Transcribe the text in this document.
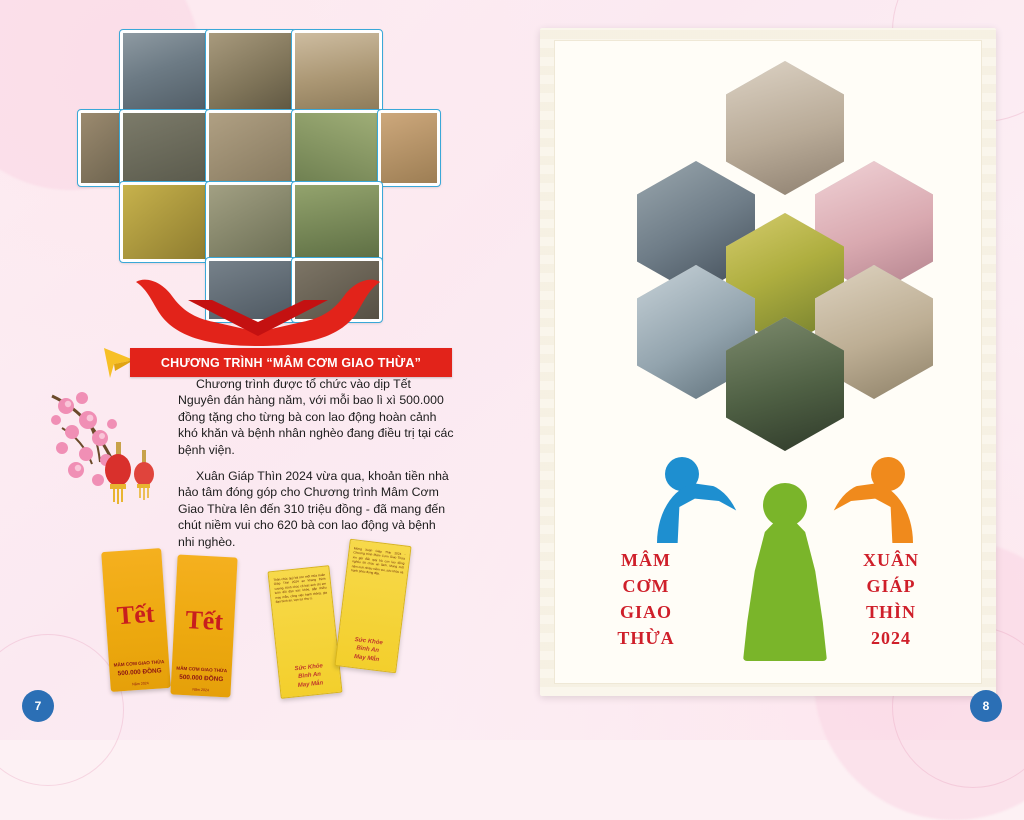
CHƯƠNG TRÌNH “MÂM CƠM GIAO THỪA”

Chương trình được tổ chức vào dịp Tết Nguyên đán hàng năm, với mỗi bao lì xì 500.000 đồng tặng cho từng bà con lao động hoàn cảnh khó khăn và bệnh nhân nghèo đang điều trị tại các bệnh viện.

Xuân Giáp Thìn 2024 vừa qua, khoản tiền nhà hảo tâm đóng góp cho Chương trình Mâm Cơm Giao Thừa lên đến 310 triệu đồng - đã mang đến chút niềm vui cho 620 bà con lao động và bệnh nhi nghèo.

Tết
MÂM CƠM GIAO THỪA
500.000 ĐỒNG
Năm 2024
Tết
MÂM CƠM GIAO THỪA
500.000 ĐỒNG
Năm 2024
Thân chúc quý bà con một mùa Xuân Giáp Thìn 2024 an khang thịnh vượng. Kính chúc cô bác anh chị em luôn dồi dào sức khỏe, gặp nhiều may mắn, công việc hanh thông, gia đạo bình an, vạn sự như ý.
Sức Khỏe
Bình An
May Mắn
Mừng Xuân Giáp Thìn 2024 - Chương trình Mâm Cơm Giao Thừa xin gửi đến quý bà con lao động nghèo lời chúc an lành. Mong một năm mới nhiều niềm vui, sức khỏe và hạnh phúc đong đầy.
Sức Khỏe
Bình An
May Mắn
MÂM
CƠM
GIAO
THỪA
XUÂN
GIÁP
THÌN
2024
7	8
